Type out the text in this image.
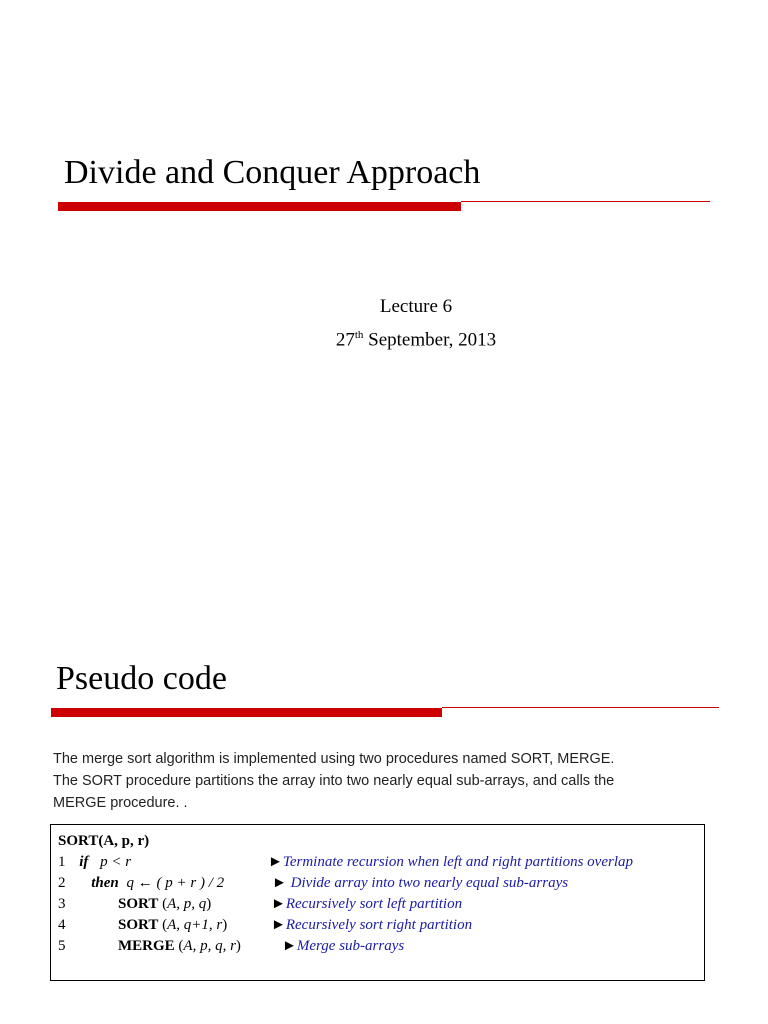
Divide and Conquer Approach
Lecture 6
27th September, 2013
Pseudo code
The merge sort algorithm is implemented using two procedures named SORT, MERGE.
The SORT procedure partitions the array into two nearly equal sub-arrays, and calls the
MERGE procedure. .
SORT(A, p, r)
1 if p < r	►Terminate recursion when left and right partitions overlap
2 then q ← ( p + r ) / 2	► Divide array into two nearly equal sub-arrays
3	SORT (A, p, q)	►Recursively sort left partition
4	SORT (A, q+1, r)	►Recursively sort right partition
5	MERGE (A, p, q, r)	►Merge sub-arrays
